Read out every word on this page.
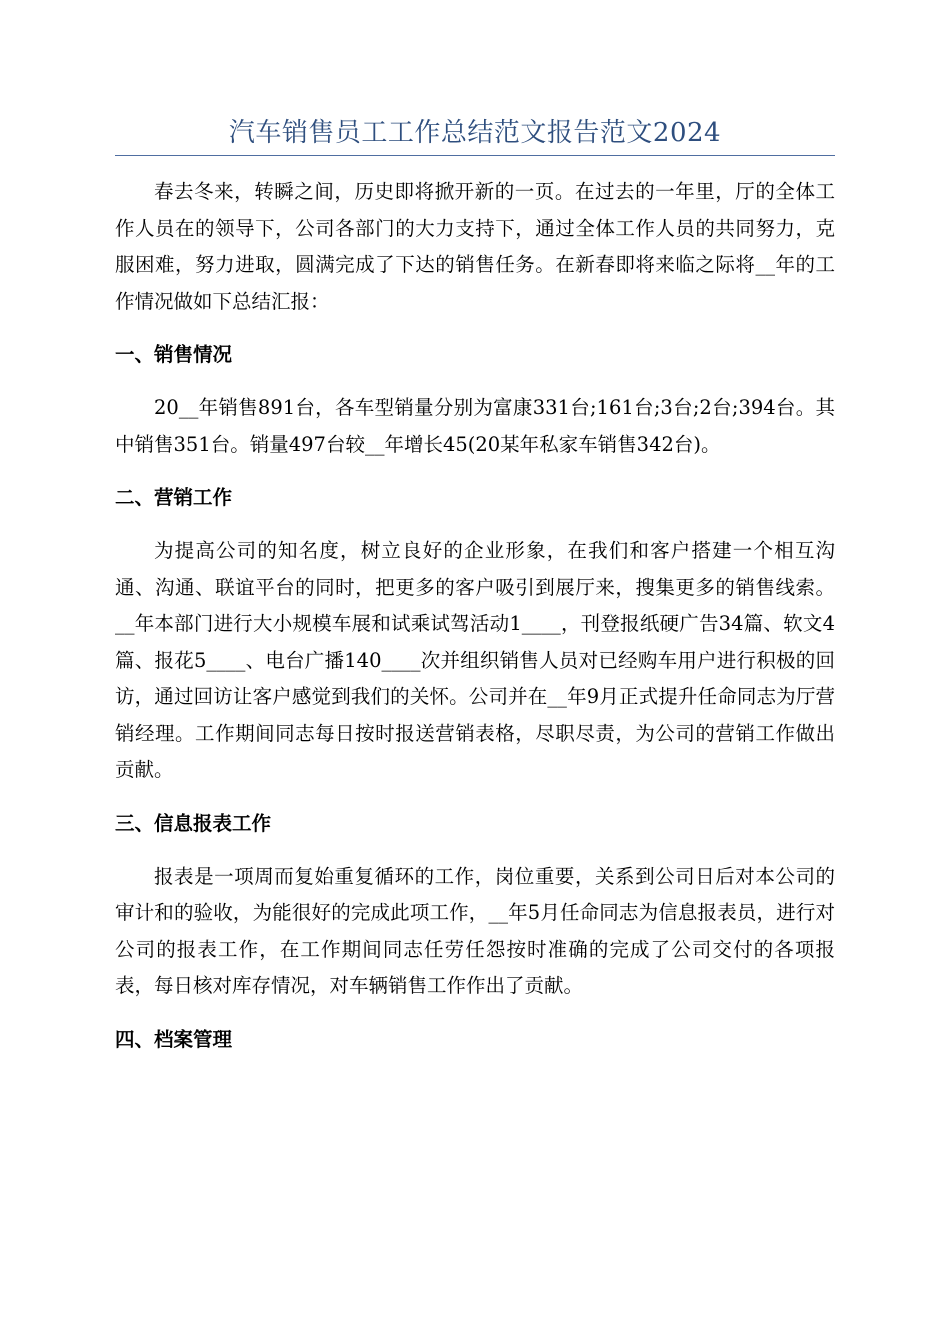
汽车销售员工工作总结范文报告范文2024

春去冬来，转瞬之间，历史即将掀开新的一页。在过去的一年里，厅的全体工作人员在的领导下，公司各部门的大力支持下，通过全体工作人员的共同努力，克服困难，努力进取，圆满完成了下达的销售任务。在新春即将来临之际将__年的工作情况做如下总结汇报：

一、销售情况

20__年销售891台，各车型销量分别为富康331台;161台;3台;2台;394台。其中销售351台。销量497台较__年增长45(20某年私家车销售342台)。

二、营销工作

为提高公司的知名度，树立良好的企业形象，在我们和客户搭建一个相互沟通、沟通、联谊平台的同时，把更多的客户吸引到展厅来，搜集更多的销售线索。__年本部门进行大小规模车展和试乘试驾活动1____，刊登报纸硬广告34篇、软文4篇、报花5____、电台广播140____次并组织销售人员对已经购车用户进行积极的回访，通过回访让客户感觉到我们的关怀。公司并在__年9月正式提升任命同志为厅营销经理。工作期间同志每日按时报送营销表格，尽职尽责，为公司的营销工作做出贡献。

三、信息报表工作

报表是一项周而复始重复循环的工作，岗位重要，关系到公司日后对本公司的审计和的验收，为能很好的完成此项工作，__年5月任命同志为信息报表员，进行对公司的报表工作，在工作期间同志任劳任怨按时准确的完成了公司交付的各项报表，每日核对库存情况，对车辆销售工作作出了贡献。

四、档案管理
